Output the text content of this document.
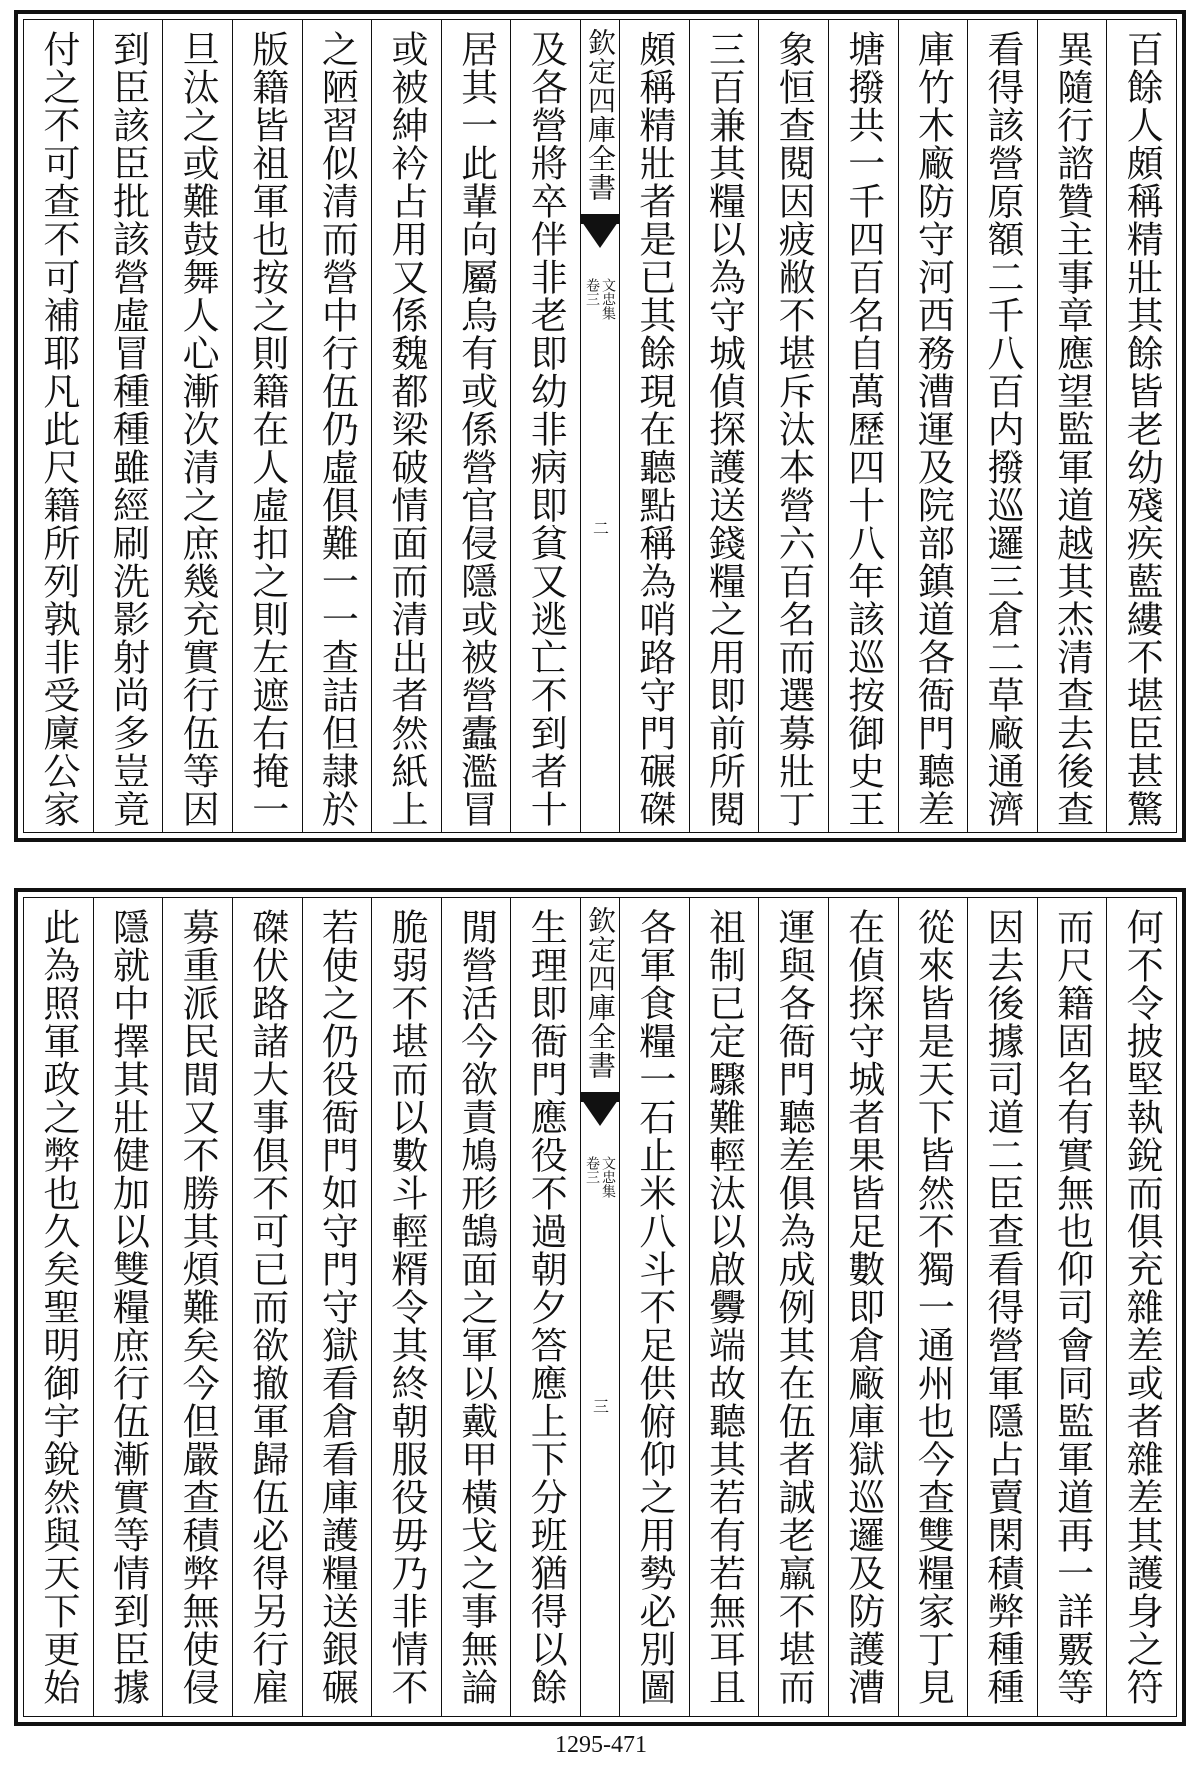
百餘人頗稱精壯其餘皆老幼殘疾藍縷不堪臣甚驚
異隨行諮贊主事章應望監軍道越其杰清查去後查
看得該營原額二千八百内撥巡邏三倉二草廠通濟
庫竹木廠防守河西務漕運及院部鎮道各衙門聽差
塘撥共一千四百名自萬歷四十八年該巡按御史王
象恒查閱因疲敝不堪斥汰本營六百名而選募壯丁
三百兼其糧以為守城偵探護送錢糧之用即前所閱
頗稱精壯者是已其餘現在聽點稱為哨路守門碾磔
欽定四庫全書
文忠集
卷三
二
及各營將卒伴非老即幼非病即貧又逃亡不到者十
居其一此輩向屬烏有或係營官侵隱或被營蠹濫冒
或被紳衿占用又係魏都梁破情面而清出者然紙上
之陋習似清而營中行伍仍虛俱難一一查詰但隷於
版籍皆祖軍也按之則籍在人虛扣之則左遮右掩一
旦汰之或難鼓舞人心漸次清之庶幾充實行伍等因
到臣該臣批該營虛冒種種雖經刷洗影射尚多豈竟
付之不可查不可補耶凡此尺籍所列孰非受廩公家
何不令披堅執銳而俱充雜差或者雜差其護身之符
而尺籍固名有實無也仰司會同監軍道再一詳覈等
因去後據司道二臣查看得營軍隱占賣閑積弊種種
從來皆是天下皆然不獨一通州也今查雙糧家丁見
在偵探守城者果皆足數即倉廠庫獄巡邏及防護漕
運與各衙門聽差俱為成例其在伍者誠老羸不堪而
祖制已定驟難輕汰以啟釁端故聽其若有若無耳且
各軍食糧一石止米八斗不足供俯仰之用勢必別圖
欽定四庫全書
文忠集
卷三
三
生理即衙門應役不過朝夕答應上下分班猶得以餘
閒營活今欲責鳩形鵠面之軍以戴甲橫戈之事無論
脆弱不堪而以數斗輕糈令其終朝服役毋乃非情不
若使之仍役衙門如守門守獄看倉看庫護糧送銀碾
磔伏路諸大事俱不可已而欲撤軍歸伍必得另行雇
募重派民間又不勝其煩難矣今但嚴查積弊無使侵
隱就中擇其壯健加以雙糧庶行伍漸實等情到臣據
此為照軍政之弊也久矣聖明御宇銳然與天下更始
1295-471
